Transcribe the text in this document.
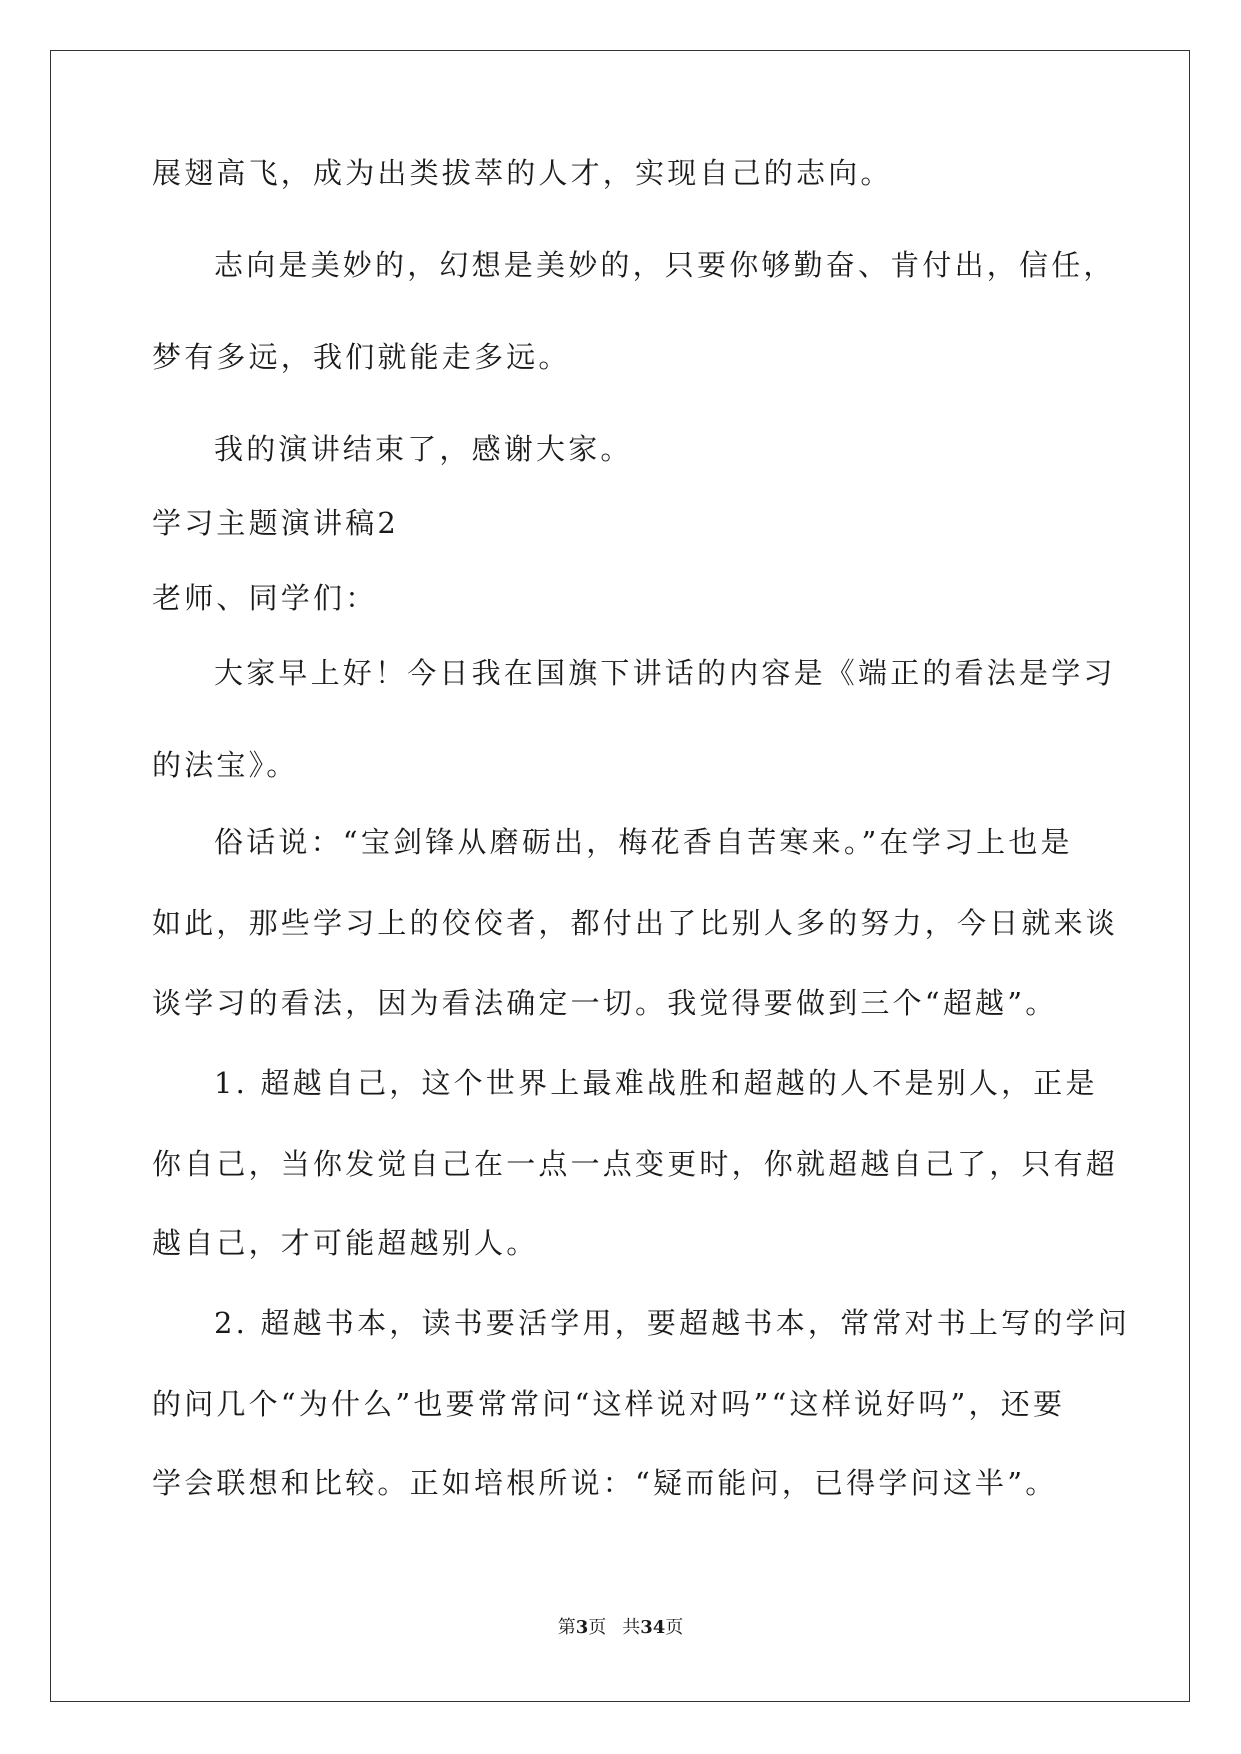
展翅高飞，成为出类拔萃的人才，实现自己的志向。
志向是美妙的，幻想是美妙的，只要你够勤奋、肯付出，信任，
梦有多远，我们就能走多远。
我的演讲结束了，感谢大家。
学习主题演讲稿2
老师、同学们：
大家早上好！今日我在国旗下讲话的内容是《端正的看法是学习
的法宝》。
俗话说：“宝剑锋从磨砺出，梅花香自苦寒来。”在学习上也是
如此，那些学习上的佼佼者，都付出了比别人多的努力，今日就来谈
谈学习的看法，因为看法确定一切。我觉得要做到三个“超越”。
1. 超越自己，这个世界上最难战胜和超越的人不是别人，正是
你自己，当你发觉自己在一点一点变更时，你就超越自己了，只有超
越自己，才可能超越别人。
2. 超越书本，读书要活学用，要超越书本，常常对书上写的学问
的问几个“为什么”也要常常问“这样说对吗”“这样说好吗”，还要
学会联想和比较。正如培根所说：“疑而能问，已得学问这半”。
第3页 共34页
